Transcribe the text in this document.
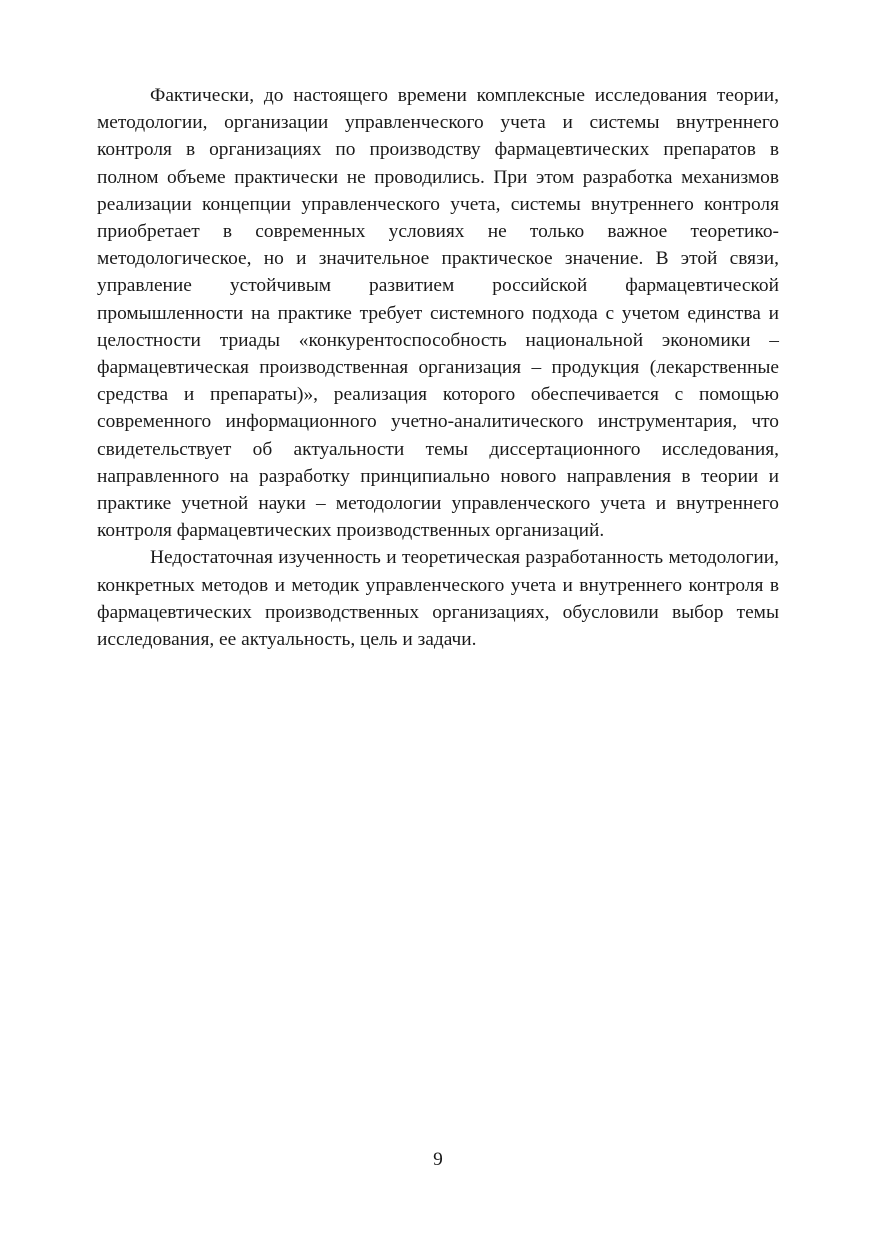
Фактически, до настоящего времени комплексные исследования теории, методологии, организации управленческого учета и системы внутреннего контроля в организациях по производству фармацевтических препаратов в полном объеме практически не проводились. При этом разработка механизмов реализации концепции управленческого учета, системы внутреннего контроля приобретает в современных условиях не только важное теоретико-методологическое, но и значительное практическое значение. В этой связи, управление устойчивым развитием российской фармацевтической промышленности на практике требует системного подхода с учетом единства и целостности триады «конкурентоспособность национальной экономики – фармацевтическая производственная организация – продукция (лекарственные средства и препараты)», реализация которого обеспечивается с помощью современного информационного учетно-аналитического инструментария, что свидетельствует об актуальности темы диссертационного исследования, направленного на разработку принципиально нового направления в теории и практике учетной науки – методологии управленческого учета и внутреннего контроля фармацевтических производственных организаций.

Недостаточная изученность и теоретическая разработанность методологии, конкретных методов и методик управленческого учета и внутреннего контроля в фармацевтических производственных организациях, обусловили выбор темы исследования, ее актуальность, цель и задачи.

9
